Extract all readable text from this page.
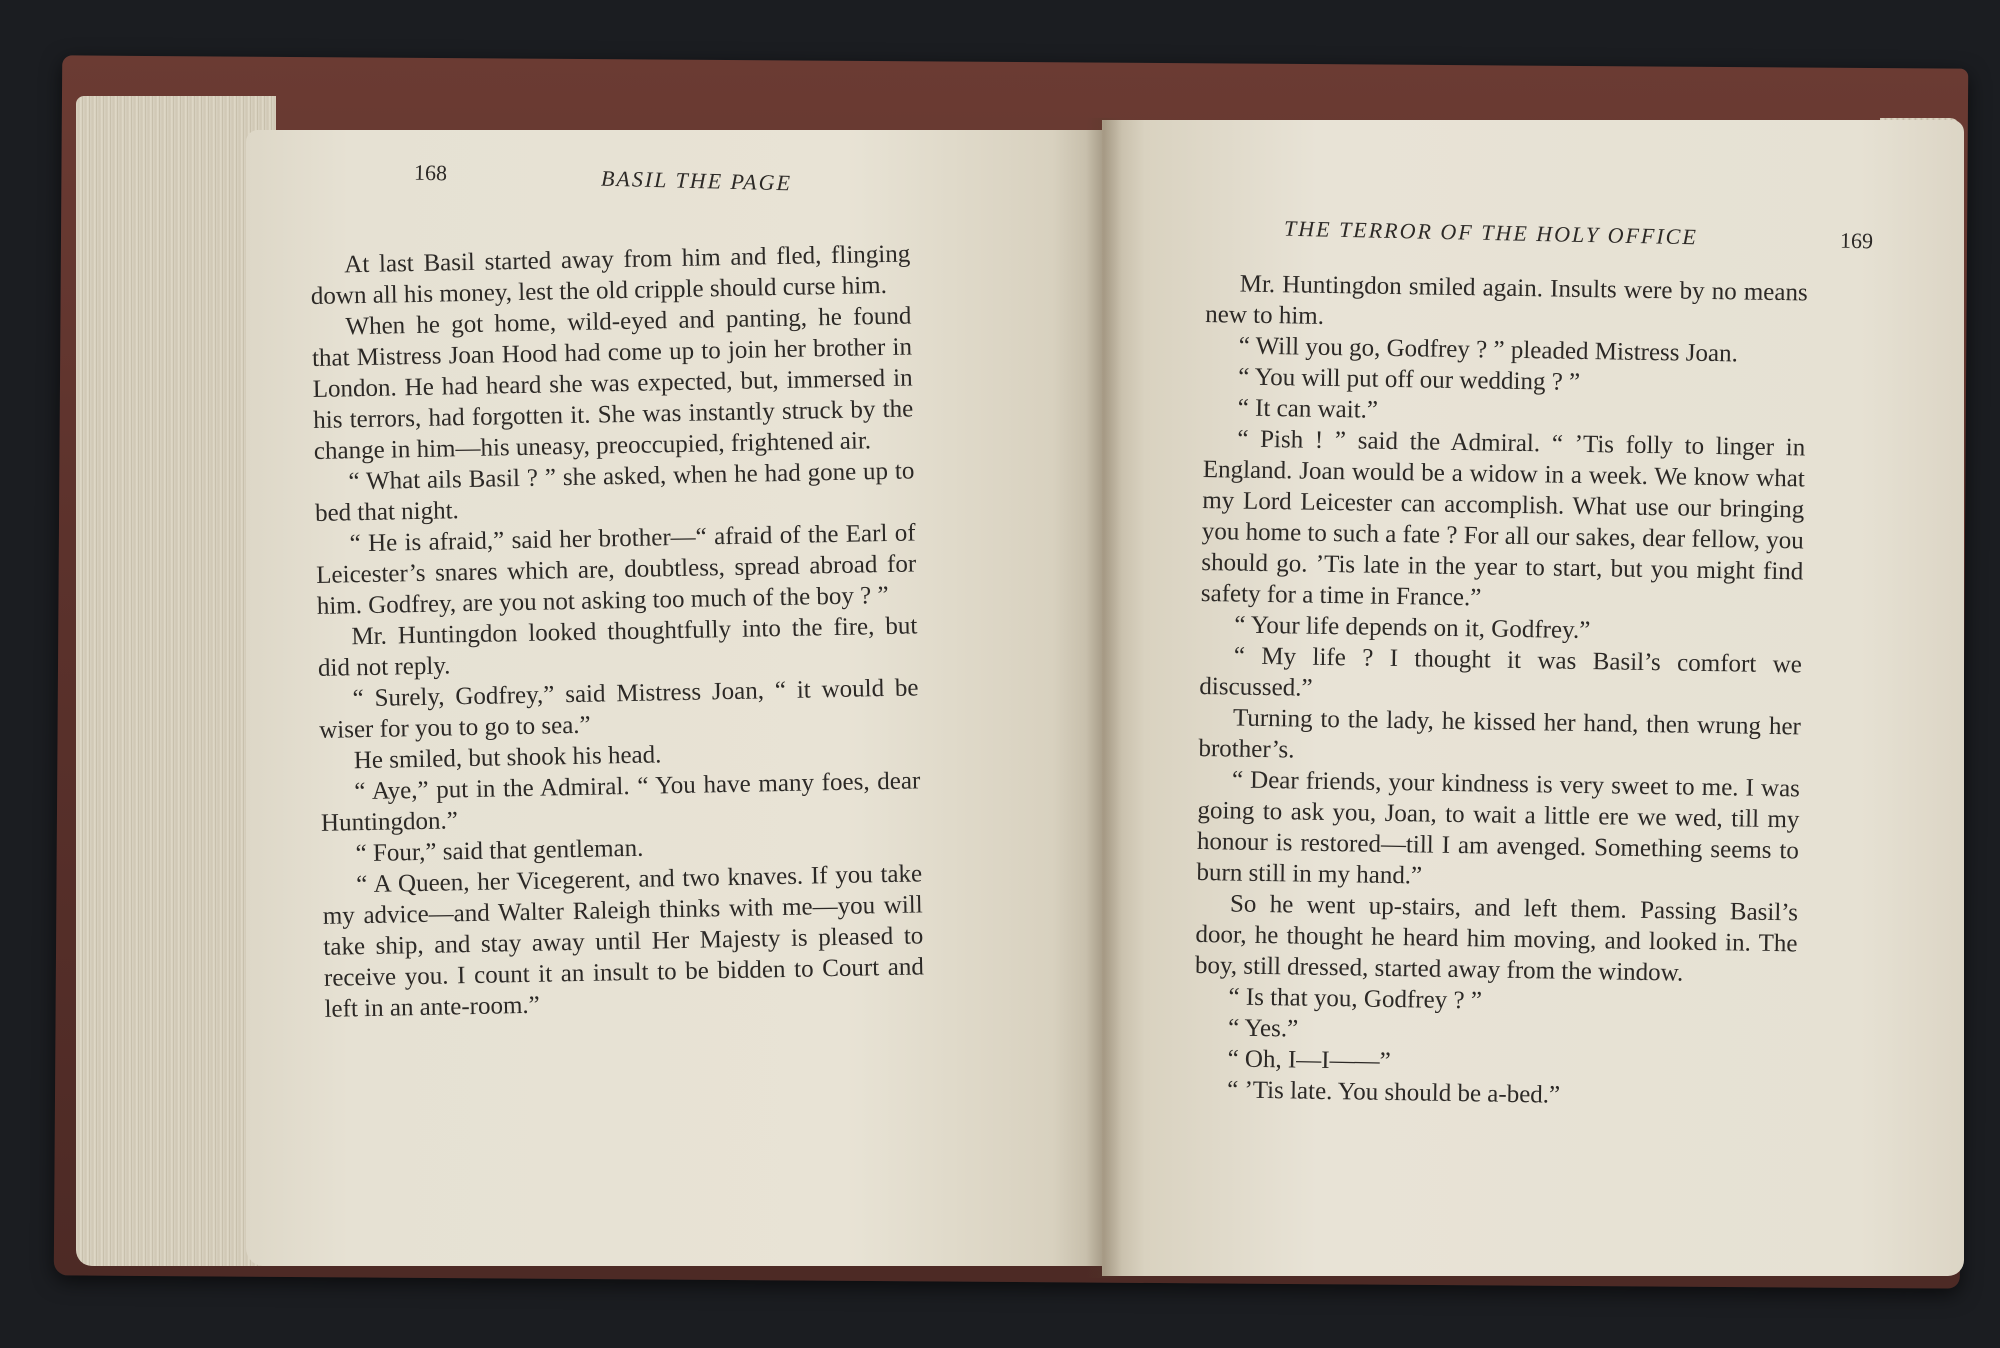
168	BASIL THE PAGE

At last Basil started away from him and fled, flinging down all his money, lest the old cripple should curse him.

When he got home, wild-eyed and panting, he found that Mistress Joan Hood had come up to join her brother in London. He had heard she was expected, but, immersed in his terrors, had forgotten it. She was instantly struck by the change in him—his uneasy, preoccupied, frightened air.

“ What ails Basil ? ” she asked, when he had gone up to bed that night.

“ He is afraid,” said her brother—“ afraid of the Earl of Leicester’s snares which are, doubtless, spread abroad for him. Godfrey, are you not asking too much of the boy ? ”

Mr. Huntingdon looked thoughtfully into the fire, but did not reply.

“ Surely, Godfrey,” said Mistress Joan, “ it would be wiser for you to go to sea.”

He smiled, but shook his head.

“ Aye,” put in the Admiral. “ You have many foes, dear Huntingdon.”

“ Four,” said that gentleman.

“ A Queen, her Vicegerent, and two knaves. If you take my advice—and Walter Raleigh thinks with me—you will take ship, and stay away until Her Majesty is pleased to receive you. I count it an insult to be bidden to Court and left in an ante-room.”

THE TERROR OF THE HOLY OFFICE	169

Mr. Huntingdon smiled again. Insults were by no means new to him.

“ Will you go, Godfrey ? ” pleaded Mistress Joan.

“ You will put off our wedding ? ”

“ It can wait.”

“ Pish ! ” said the Admiral. “ ’Tis folly to linger in England. Joan would be a widow in a week. We know what my Lord Leicester can accomplish. What use our bringing you home to such a fate ? For all our sakes, dear fellow, you should go. ’Tis late in the year to start, but you might find safety for a time in France.”

“ Your life depends on it, Godfrey.”

“ My life ? I thought it was Basil’s comfort we discussed.”

Turning to the lady, he kissed her hand, then wrung her brother’s.

“ Dear friends, your kindness is very sweet to me. I was going to ask you, Joan, to wait a little ere we wed, till my honour is restored—till I am avenged. Something seems to burn still in my hand.”

So he went up-stairs, and left them. Passing Basil’s door, he thought he heard him moving, and looked in. The boy, still dressed, started away from the window.

“ Is that you, Godfrey ? ”

“ Yes.”

“ Oh, I—I——”

“ ’Tis late. You should be a-bed.”
